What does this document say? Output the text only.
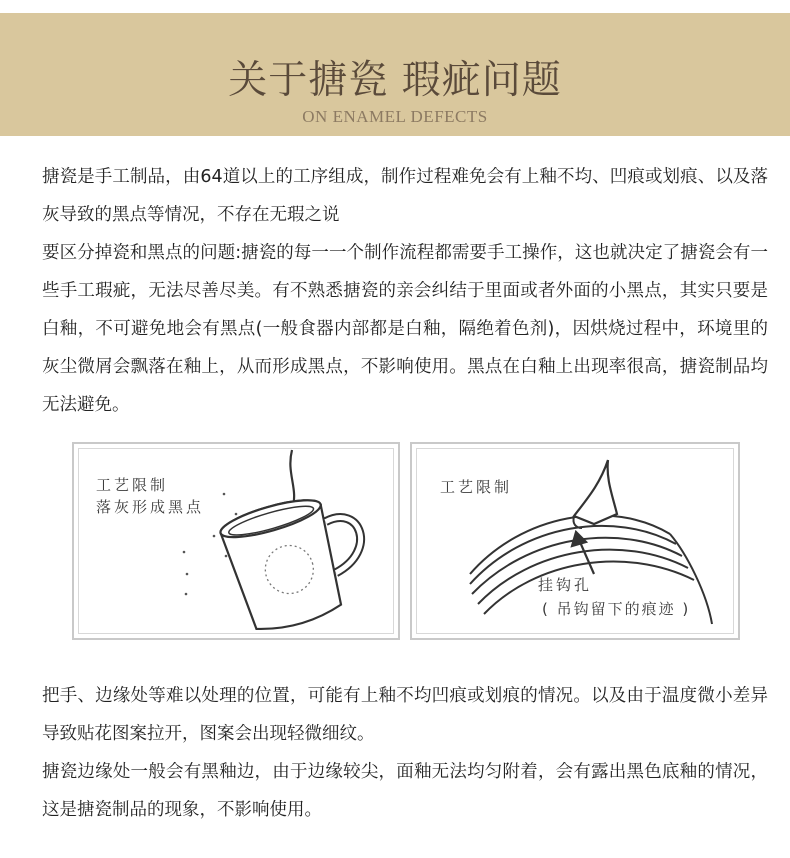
关于搪瓷 瑕疵问题
ON ENAMEL DEFECTS

搪瓷是手工制品，由64道以上的工序组成，制作过程难免会有上釉不均、凹痕或划痕、以及落灰导致的黑点等情况，不存在无瑕之说

要区分掉瓷和黑点的问题:搪瓷的每一一个制作流程都需要手工操作，这也就决定了搪瓷会有一些手工瑕疵，无法尽善尽美。有不熟悉搪瓷的亲会纠结于里面或者外面的小黑点，其实只要是白釉，不可避免地会有黑点(一般食器内部都是白釉，隔绝着色剂)，因烘烧过程中，环境里的灰尘微屑会飘落在釉上，从而形成黑点，不影响使用。黑点在白釉上出现率很高，搪瓷制品均无法避免。

工艺限制
落灰形成黑点
工艺限制
挂钩孔
( 吊钩留下的痕迹 )

把手、边缘处等难以处理的位置，可能有上釉不均凹痕或划痕的情况。以及由于温度微小差异导致贴花图案拉开，图案会出现轻微细纹。

搪瓷边缘处一般会有黑釉边，由于边缘较尖，面釉无法均匀附着，会有露出黑色底釉的情况，这是搪瓷制品的现象，不影响使用。
